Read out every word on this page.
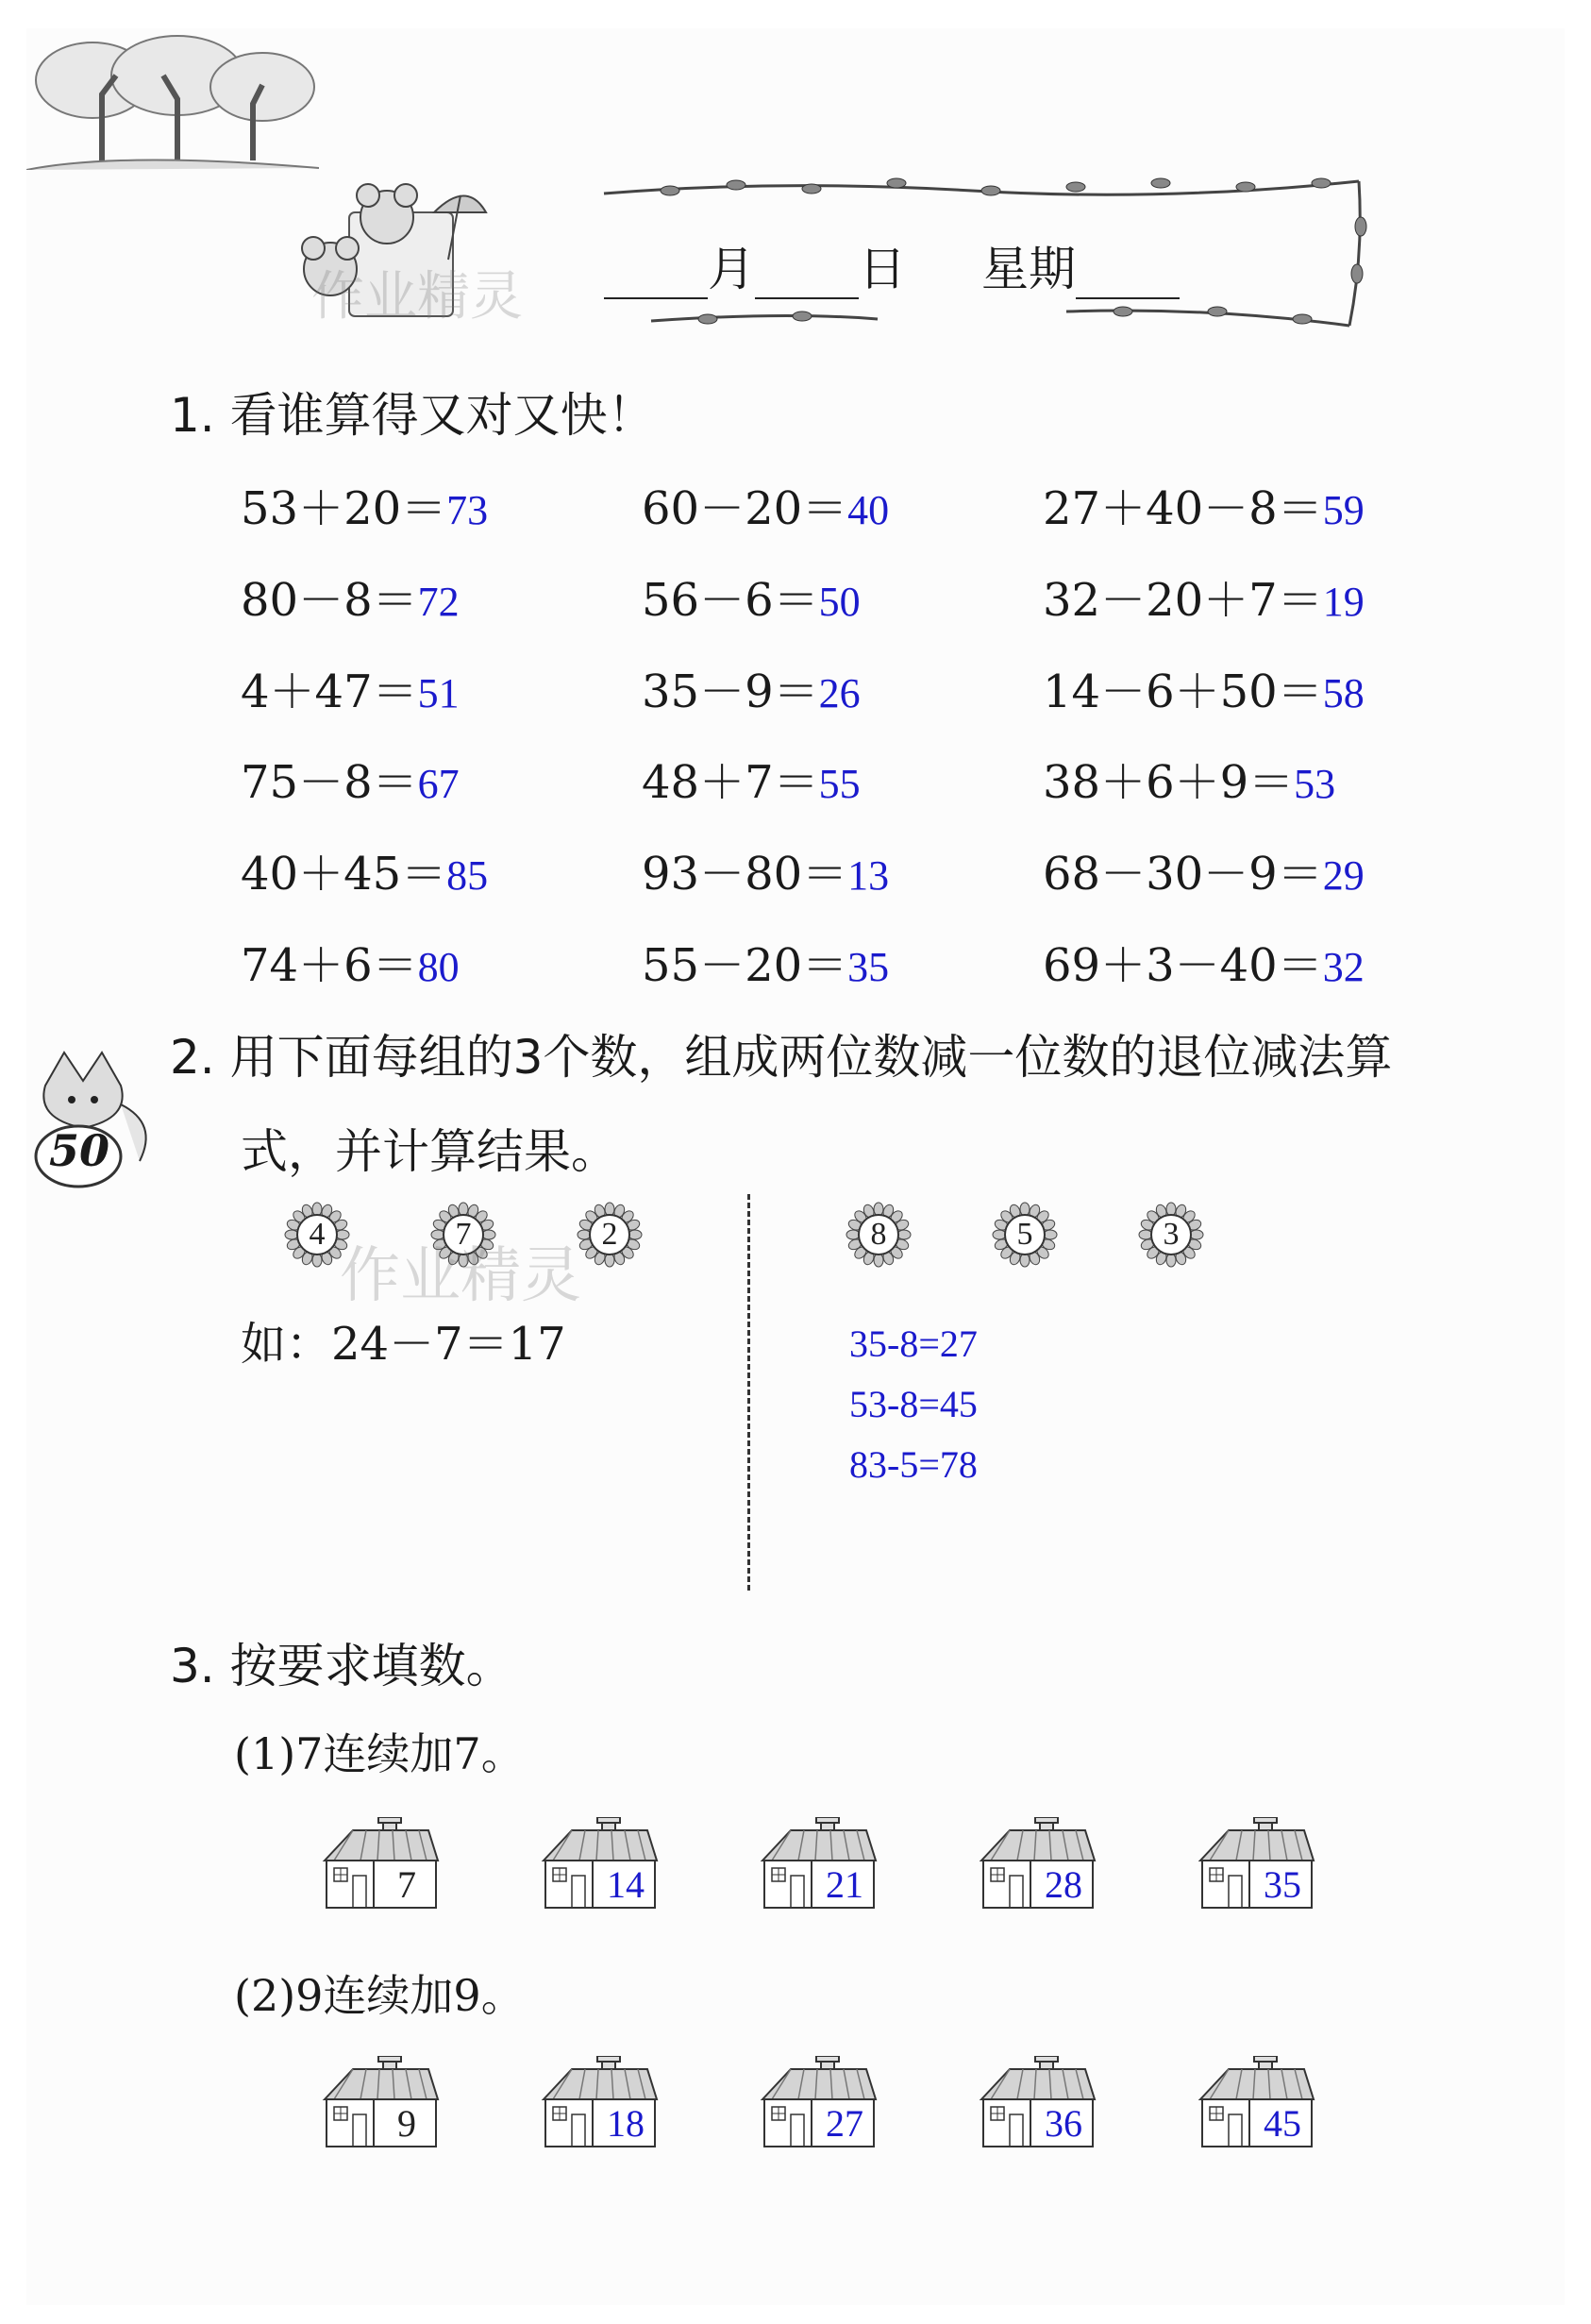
作业精灵	月 日 星期
1. 看谁算得又对又快！
53＋20＝73	60－20＝40	27＋40－8＝59
80－8＝72	56－6＝50	32－20＋7＝19
4＋47＝51	35－9＝26	14－6＋50＝58
75－8＝67	48＋7＝55	38＋6＋9＝53
40＋45＝85	93－80＝13	68－30－9＝29
74＋6＝80	55－20＝35	69＋3－40＝32
50
2. 用下面每组的3个数，组成两位数减一位数的退位减法算
式，并计算结果。
4	7	2	8	5	3
作业精灵
如：24－7＝17	35-8=27
53-8=45
83-5=78
3. 按要求填数。
(1)7连续加7。
7	14	21	28	35
(2)9连续加9。
9	18	27	36	45
